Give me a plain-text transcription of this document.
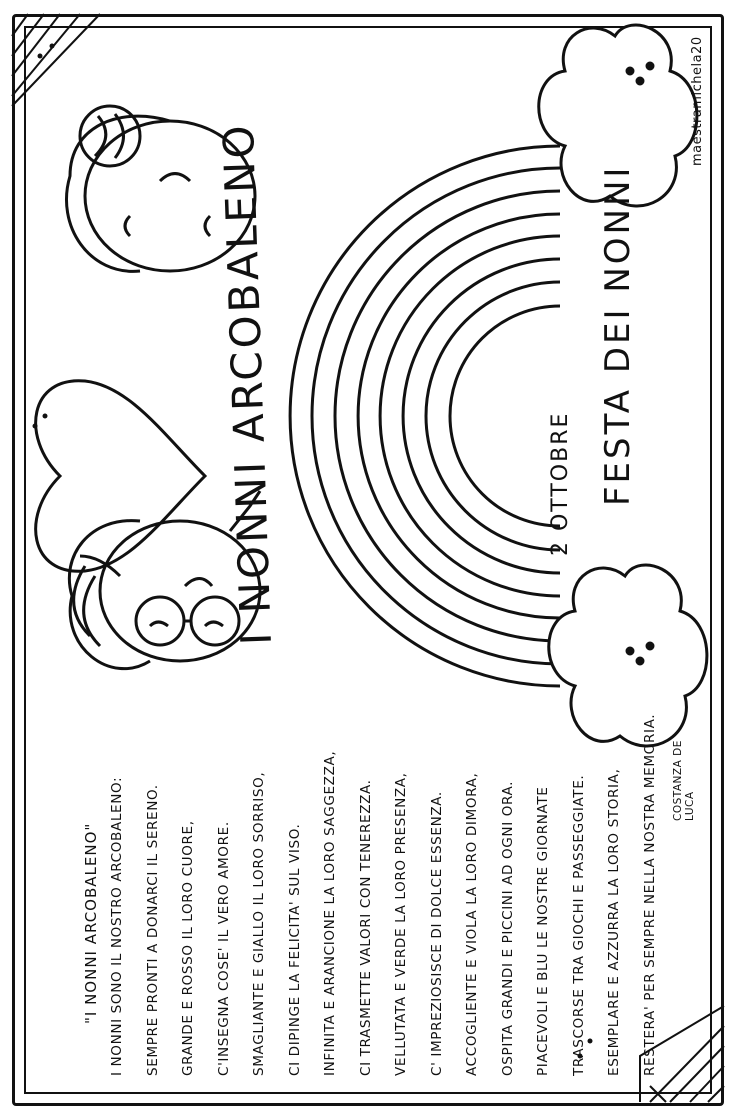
"I NONNI ARCOBALENO" I NONNI SONO IL NOSTRO ARCOBALENO:	SEMPRE PRONTI A DONARCI IL SERENO.	GRANDE E ROSSO IL LORO CUORE,	C'INSEGNA COSE' IL VERO AMORE.	SMAGLIANTE E GIALLO IL LORO SORRISO,	CI DIPINGE LA FELICITA' SUL VISO.	INFINITA E ARANCIONE LA LORO SAGGEZZA,	CI TRASMETTE VALORI CON TENEREZZA.	VELLUTATA E VERDE LA LORO PRESENZA,	C' IMPREZIOSISCE DI DOLCE ESSENZA.	ACCOGLIENTE E VIOLA LA LORO DIMORA,	OSPITA GRANDI E PICCINI AD OGNI ORA.	PIACEVOLI E BLU LE NOSTRE GIORNATE	TRASCORSE TRA GIOCHI E PASSEGGIATE.	ESEMPLARE E AZZURRA LA LORO STORIA,	RESTERA' PER SEMPRE NELLA NOSTRA MEMORIA.	COSTANZA DE LUCA
I NONNI ARCOBALENO	2 OTTOBRE FESTA DEI NONNI
maestramichela20
